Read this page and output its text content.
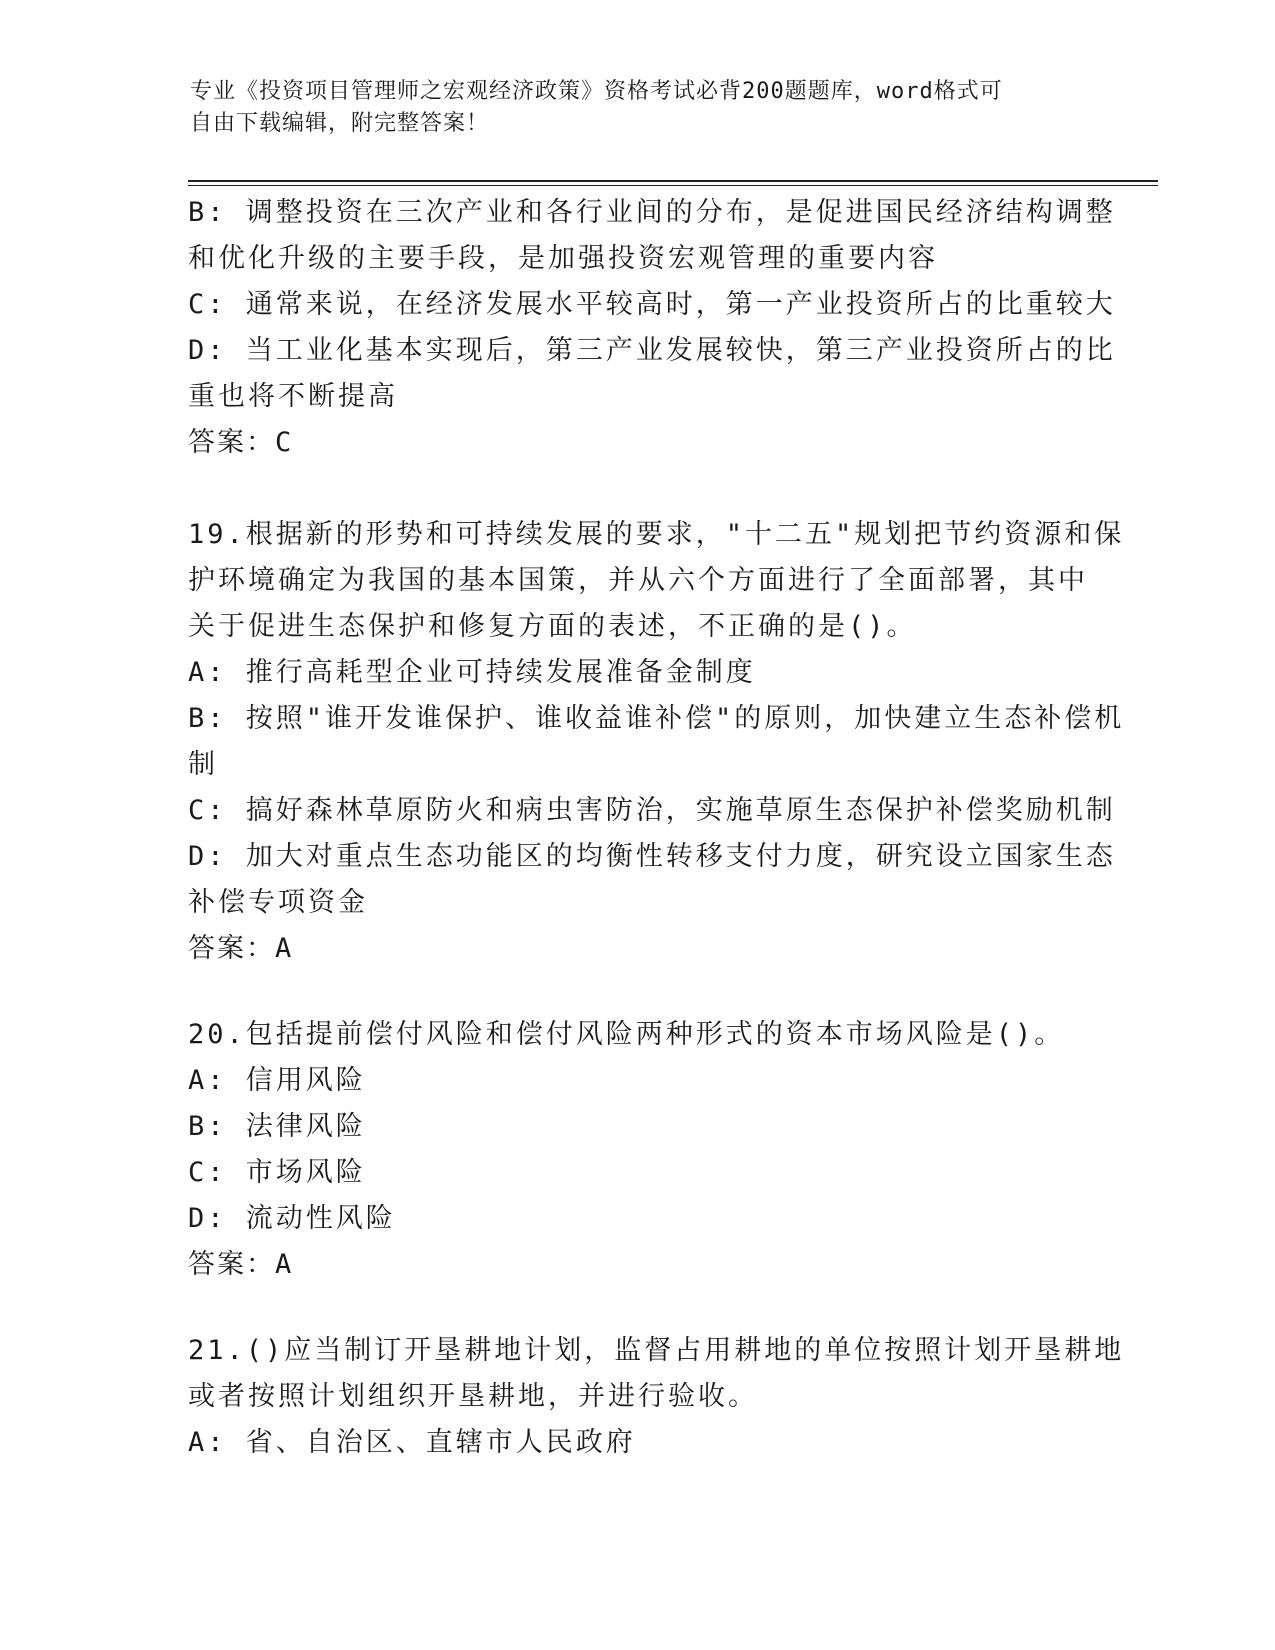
专业《投资项目管理师之宏观经济政策》资格考试必背200题题库，word格式可
自由下载编辑，附完整答案！
B: 调整投资在三次产业和各行业间的分布，是促进国民经济结构调整
和优化升级的主要手段，是加强投资宏观管理的重要内容
C: 通常来说，在经济发展水平较高时，第一产业投资所占的比重较大
D: 当工业化基本实现后，第三产业发展较快，第三产业投资所占的比
重也将不断提高
答案：C
19.根据新的形势和可持续发展的要求，"十二五"规划把节约资源和保
护环境确定为我国的基本国策，并从六个方面进行了全面部署，其中
关于促进生态保护和修复方面的表述，不正确的是()。
A: 推行高耗型企业可持续发展准备金制度
B: 按照"谁开发谁保护、谁收益谁补偿"的原则，加快建立生态补偿机
制
C: 搞好森林草原防火和病虫害防治，实施草原生态保护补偿奖励机制
D: 加大对重点生态功能区的均衡性转移支付力度，研究设立国家生态
补偿专项资金
答案：A
20.包括提前偿付风险和偿付风险两种形式的资本市场风险是()。
A: 信用风险
B: 法律风险
C: 市场风险
D: 流动性风险
答案：A
21.()应当制订开垦耕地计划，监督占用耕地的单位按照计划开垦耕地
或者按照计划组织开垦耕地，并进行验收。
A: 省、自治区、直辖市人民政府
